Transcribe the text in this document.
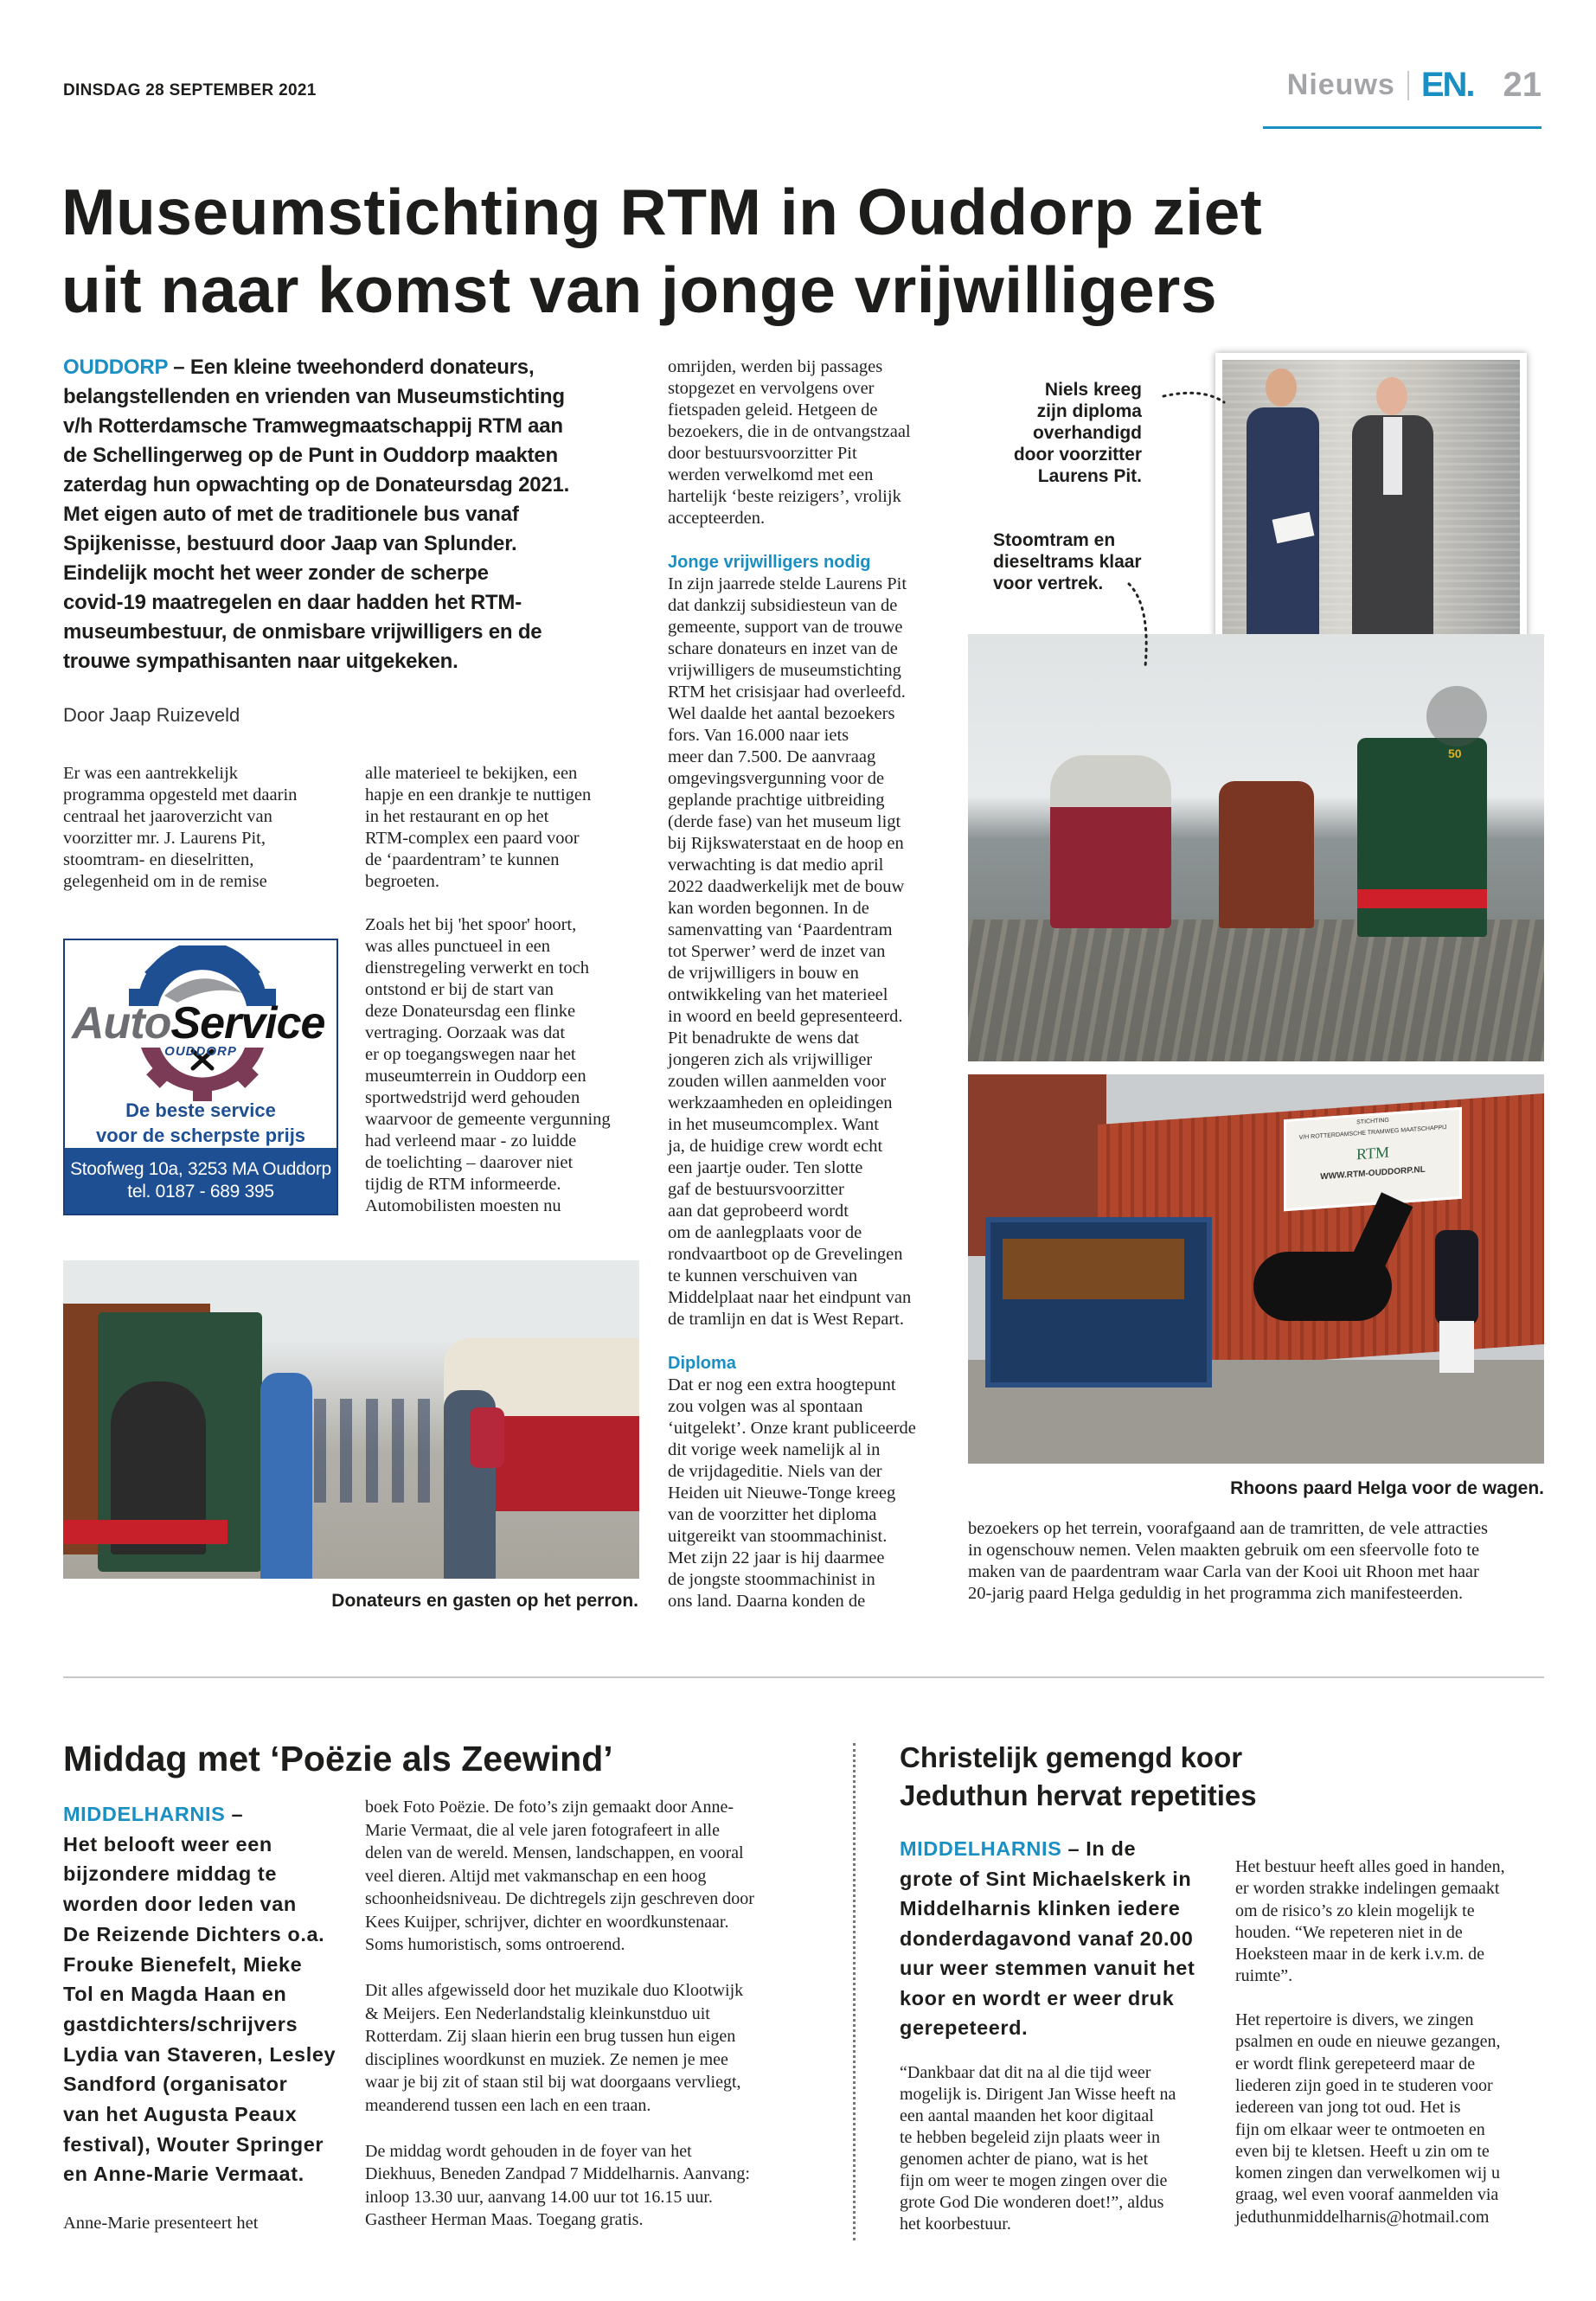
DINSDAG 28 SEPTEMBER 2021	Nieuws EN. 21
Museumstichting RTM in Ouddorp ziet
uit naar komst van jonge vrijwilligers
OUDDORP – Een kleine tweehonderd donateurs,
belangstellenden en vrienden van Museumstichting
v/h Rotterdamsche Tramwegmaatschappij RTM aan
de Schellingerweg op de Punt in Ouddorp maakten
zaterdag hun opwachting op de Donateursdag 2021.
Met eigen auto of met de traditionele bus vanaf
Spijkenisse, bestuurd door Jaap van Splunder.
Eindelijk mocht het weer zonder de scherpe
covid-19 maatregelen en daar hadden het RTM-
museumbestuur, de onmisbare vrijwilligers en de
trouwe sympathisanten naar uitgekeken.
Door Jaap Ruizeveld
Er was een aantrekkelijk
programma opgesteld met daarin
centraal het jaaroverzicht van
voorzitter mr. J. Laurens Pit,
stoomtram- en dieselritten,
gelegenheid om in de remise
alle materieel te bekijken, een
hapje en een drankje te nuttigen
in het restaurant en op het
RTM-complex een paard voor
de ‘paardentram’ te kunnen
begroeten.
Zoals het bij 'het spoor' hoort,
was alles punctueel in een
dienstregeling verwerkt en toch
ontstond er bij de start van
deze Donateursdag een flinke
vertraging. Oorzaak was dat
er op toegangswegen naar het
museumterrein in Ouddorp een
sportwedstrijd werd gehouden
waarvoor de gemeente vergunning
had verleend maar - zo luidde
de toelichting – daarover niet
tijdig de RTM informeerde.
Automobilisten moesten nu
omrijden, werden bij passages
stopgezet en vervolgens over
fietspaden geleid. Hetgeen de
bezoekers, die in de ontvangstzaal
door bestuursvoorzitter Pit
werden verwelkomd met een
hartelijk ‘beste reizigers’, vrolijk
accepteerden.
Jonge vrijwilligers nodig
In zijn jaarrede stelde Laurens Pit
dat dankzij subsidiesteun van de
gemeente, support van de trouwe
schare donateurs en inzet van de
vrijwilligers de museumstichting
RTM het crisisjaar had overleefd.
Wel daalde het aantal bezoekers
fors. Van 16.000 naar iets
meer dan 7.500. De aanvraag
omgevingsvergunning voor de
geplande prachtige uitbreiding
(derde fase) van het museum ligt
bij Rijkswaterstaat en de hoop en
verwachting is dat medio april
2022 daadwerkelijk met de bouw
kan worden begonnen. In de
samenvatting van ‘Paardentram
tot Sperwer’ werd de inzet van
de vrijwilligers in bouw en
ontwikkeling van het materieel
in woord en beeld gepresenteerd.
Pit benadrukte de wens dat
jongeren zich als vrijwilliger
zouden willen aanmelden voor
werkzaamheden en opleidingen
in het museumcomplex. Want
ja, de huidige crew wordt echt
een jaartje ouder. Ten slotte
gaf de bestuursvoorzitter
aan dat geprobeerd wordt
om de aanlegplaats voor de
rondvaartboot op de Grevelingen
te kunnen verschuiven van
Middelplaat naar het eindpunt van
de tramlijn en dat is West Repart.
Diploma
Dat er nog een extra hoogtepunt
zou volgen was al spontaan
‘uitgelekt’. Onze krant publiceerde
dit vorige week namelijk al in
de vrijdageditie. Niels van der
Heiden uit Nieuwe-Tonge kreeg
van de voorzitter het diploma
uitgereikt van stoommachinist.
Met zijn 22 jaar is hij daarmee
de jongste stoommachinist in
ons land. Daarna konden de
bezoekers op het terrein, voorafgaand aan de tramritten, de vele attracties
in ogenschouw nemen. Velen maakten gebruik om een sfeervolle foto te
maken van de paardentram waar Carla van der Kooi uit Rhoon met haar
20-jarig paard Helga geduldig in het programma zich manifesteerden.
AutoService
OUDDORP
De beste service
voor de scherpste prijs
Stoofweg 10a, 3253 MA Ouddorp
tel. 0187 - 689 395
50
STICHTING
V/H ROTTERDAMSCHE TRAMWEG MAATSCHAPPIJ
RTM
WWW.RTM-OUDDORP.NL
Niels kreeg
zijn diploma
overhandigd
door voorzitter
Laurens Pit.
Stoomtram en
dieseltrams klaar
voor vertrek.
Rhoons paard Helga voor de wagen.
Donateurs en gasten op het perron.
Middag met ‘Poëzie als Zeewind’
MIDDELHARNIS –
Het belooft weer een
bijzondere middag te
worden door leden van
De Reizende Dichters o.a.
Frouke Bienefelt, Mieke
Tol en Magda Haan en
gastdichters/schrijvers
Lydia van Staveren, Lesley
Sandford (organisator
van het Augusta Peaux
festival), Wouter Springer
en Anne-Marie Vermaat.
Anne-Marie presenteert het
boek Foto Poëzie. De foto’s zijn gemaakt door Anne-
Marie Vermaat, die al vele jaren fotografeert in alle
delen van de wereld. Mensen, landschappen, en vooral
veel dieren. Altijd met vakmanschap en een hoog
schoonheidsniveau. De dichtregels zijn geschreven door
Kees Kuijper, schrijver, dichter en woordkunstenaar.
Soms humoristisch, soms ontroerend.
Dit alles afgewisseld door het muzikale duo Klootwijk
& Meijers. Een Nederlandstalig kleinkunstduo uit
Rotterdam. Zij slaan hierin een brug tussen hun eigen
disciplines woordkunst en muziek. Ze nemen je mee
waar je bij zit of staan stil bij wat doorgaans vervliegt,
meanderend tussen een lach en een traan.
De middag wordt gehouden in de foyer van het
Diekhuus, Beneden Zandpad 7 Middelharnis. Aanvang:
inloop 13.30 uur, aanvang 14.00 uur tot 16.15 uur.
Gastheer Herman Maas. Toegang gratis.
Christelijk gemengd koor
Jeduthun hervat repetities
MIDDELHARNIS – In de
grote of Sint Michaelskerk in
Middelharnis klinken iedere
donderdagavond vanaf 20.00
uur weer stemmen vanuit het
koor en wordt er weer druk
gerepeteerd.
“Dankbaar dat dit na al die tijd weer
mogelijk is. Dirigent Jan Wisse heeft na
een aantal maanden het koor digitaal
te hebben begeleid zijn plaats weer in
genomen achter de piano, wat is het
fijn om weer te mogen zingen over die
grote God Die wonderen doet!”, aldus
het koorbestuur.
Het bestuur heeft alles goed in handen,
er worden strakke indelingen gemaakt
om de risico’s zo klein mogelijk te
houden. “We repeteren niet in de
Hoeksteen maar in de kerk i.v.m. de
ruimte”.
Het repertoire is divers, we zingen
psalmen en oude en nieuwe gezangen,
er wordt flink gerepeteerd maar de
liederen zijn goed in te studeren voor
iedereen van jong tot oud. Het is
fijn om elkaar weer te ontmoeten en
even bij te kletsen. Heeft u zin om te
komen zingen dan verwelkomen wij u
graag, wel even vooraf aanmelden via
jeduthunmiddelharnis@hotmail.com
